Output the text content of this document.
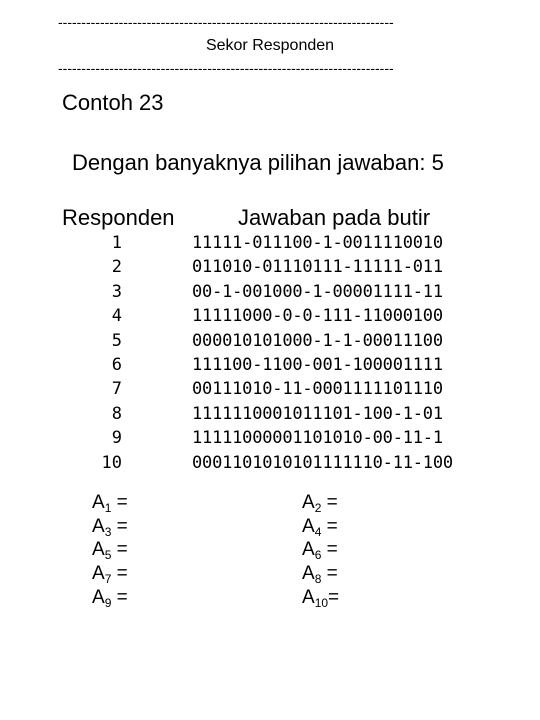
------------------------------------------------------------------------
Sekor Responden
------------------------------------------------------------------------
Contoh 23
Dengan banyaknya pilihan jawaban: 5
Responden	Jawaban pada butir
1	11111-011100-1-0011110010
2	011010-01110111-11111-011
3	00-1-001000-1-00001111-11
4	11111000-0-0-111-11000100
5	000010101000-1-1-00011100
6	111100-1100-001-100001111
7	00111010-11-0001111101110
8	1111110001011101-100-1-01
9	11111000001101010-00-11-1
10	0001101010101111110-11-100
$A_1$ =	$A_2$ =
$A_3$ =	$A_4$ =
$A_5$ =	$A_6$ =
$A_7$ =	$A_8$ =
$A_9$ =	$A_{10}=$
